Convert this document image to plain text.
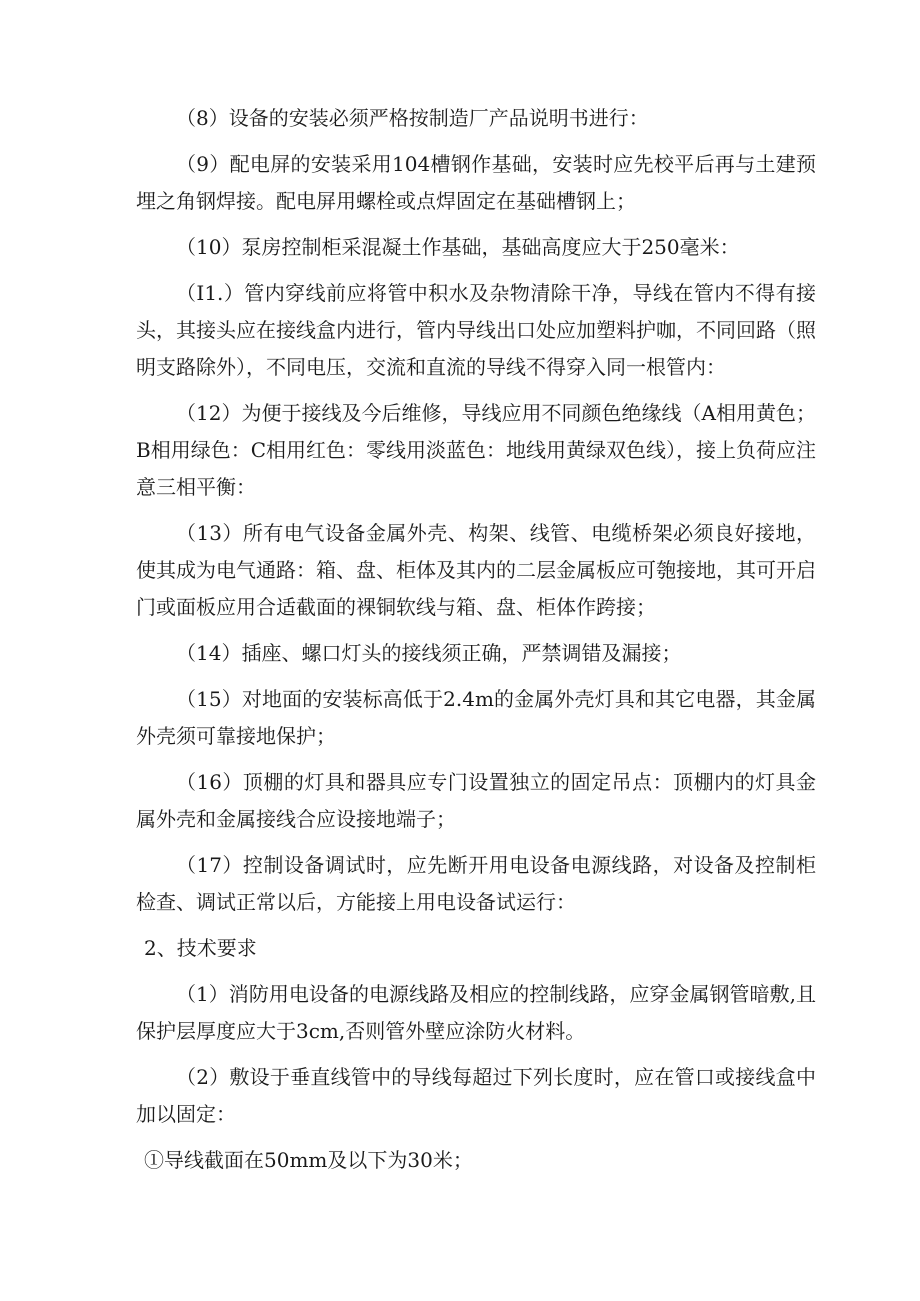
（8）设备的安装必须严格按制造厂产品说明书进行：

（9）配电屏的安装采用104槽钢作基础，安装时应先校平后再与土建预埋之角钢焊接。配电屏用螺栓或点焊固定在基础槽钢上；

（10）泵房控制柜采混凝土作基础，基础高度应大于250毫米：

（I1.）管内穿线前应将管中积水及杂物清除干净，导线在管内不得有接头，其接头应在接线盒内进行，管内导线出口处应加塑料护咖，不同回路（照明支路除外），不同电压，交流和直流的导线不得穿入同一根管内：

（12）为便于接线及今后维修，导线应用不同颜色绝缘线（A相用黄色；B相用绿色：C相用红色：零线用淡蓝色：地线用黄绿双色线），接上负荷应注意三相平衡：

（13）所有电气设备金属外壳、构架、线管、电缆桥架必须良好接地，使其成为电气通路：箱、盘、柜体及其内的二层金属板应可匏接地，其可开启门或面板应用合适截面的裸铜软线与箱、盘、柜体作跨接；

（14）插座、螺口灯头的接线须正确，严禁调错及漏接；

（15）对地面的安装标高低于2.4m的金属外壳灯具和其它电器，其金属外壳须可靠接地保护；

（16）顶棚的灯具和器具应专门设置独立的固定吊点：顶棚内的灯具金属外壳和金属接线合应设接地端子；

（17）控制设备调试时，应先断开用电设备电源线路，对设备及控制柜检查、调试正常以后，方能接上用电设备试运行：

2、技术要求

（1）消防用电设备的电源线路及相应的控制线路，应穿金属钢管暗敷,且保护层厚度应大于3cm,否则管外壁应涂防火材料。

（2）敷设于垂直线管中的导线每超过下列长度时，应在管口或接线盒中加以固定：

①导线截面在50mm及以下为30米；
